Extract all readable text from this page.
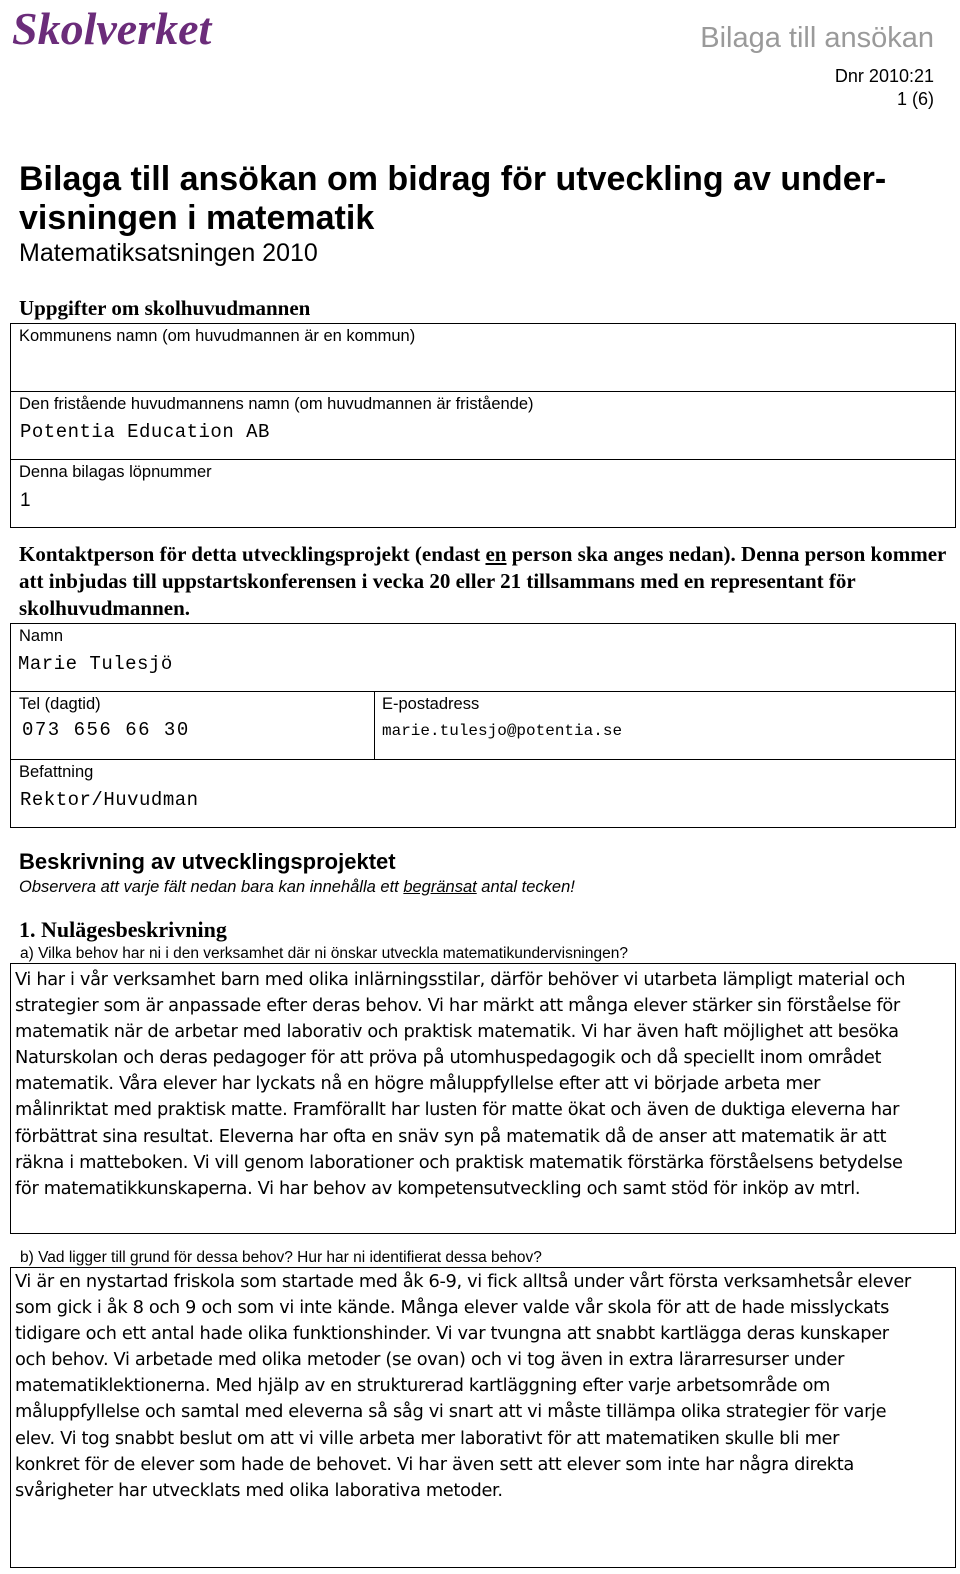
Skolverket	Bilaga till ansökan
Dnr 2010:21
1 (6)
Bilaga till ansökan om bidrag för utveckling av under-visningen i matematik
Matematiksatsningen 2010
Uppgifter om skolhuvudmannen
Kommunens namn (om huvudmannen är en kommun)
Den fristående huvudmannens namn (om huvudmannen är fristående)
Potentia Education AB
Denna bilagas löpnummer
1
Kontaktperson för detta utvecklingsprojekt (endast en person ska anges nedan). Denna person kommer att inbjudas till uppstartskonferensen i vecka 20 eller 21 tillsammans med en representant för skolhuvudmannen.
Namn
Marie Tulesjö
Tel (dagtid)
073 656 66 30
E-postadress
marie.tulesjo@potentia.se
Befattning
Rektor/Huvudman
Beskrivning av utvecklingsprojektet
Observera att varje fält nedan bara kan innehålla ett begränsat antal tecken!
1. Nulägesbeskrivning
a) Vilka behov har ni i den verksamhet där ni önskar utveckla matematikundervisningen?
Vi har i vår verksamhet barn med olika inlärningsstilar, därför behöver vi utarbeta lämpligt material och
strategier som är anpassade efter deras behov. Vi har märkt att många elever stärker sin förståelse för
matematik när de arbetar med laborativ och praktisk matematik. Vi har även haft möjlighet att besöka
Naturskolan och deras pedagoger för att pröva på utomhuspedagogik och då speciellt inom området
matematik. Våra elever har lyckats nå en högre måluppfyllelse efter att vi började arbeta mer
målinriktat med praktisk matte. Framförallt har lusten för matte ökat och även de duktiga eleverna har
förbättrat sina resultat. Eleverna har ofta en snäv syn på matematik då de anser att matematik är att
räkna i matteboken. Vi vill genom laborationer och praktisk matematik förstärka förståelsens betydelse
för matematikkunskaperna. Vi har behov av kompetensutveckling och samt stöd för inköp av mtrl.
b) Vad ligger till grund för dessa behov? Hur har ni identifierat dessa behov?
Vi är en nystartad friskola som startade med åk 6-9, vi fick alltså under vårt första verksamhetsår elever
som gick i åk 8 och 9 och som vi inte kände. Många elever valde vår skola för att de hade misslyckats
tidigare och ett antal hade olika funktionshinder. Vi var tvungna att snabbt kartlägga deras kunskaper
och behov. Vi arbetade med olika metoder (se ovan) och vi tog även in extra lärarresurser under
matematiklektionerna. Med hjälp av en strukturerad kartläggning efter varje arbetsområde om
måluppfyllelse och samtal med eleverna så såg vi snart att vi måste tillämpa olika strategier för varje
elev. Vi tog snabbt beslut om att vi ville arbeta mer laborativt för att matematiken skulle bli mer
konkret för de elever som hade de behovet. Vi har även sett att elever som inte har några direkta
svårigheter har utvecklats med olika laborativa metoder.
